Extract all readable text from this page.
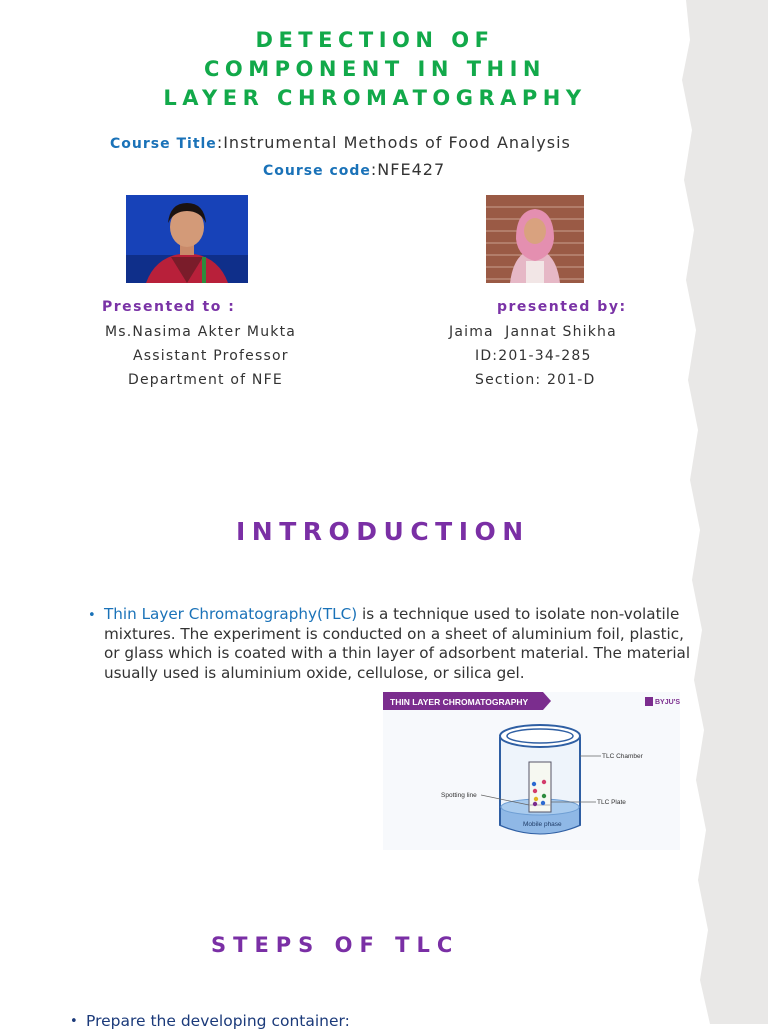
DETECTION OF
COMPONENT IN THIN
LAYER CHROMATOGRAPHY
Course Title:Instrumental Methods of Food Analysis
Course code:NFE427
Presented to :
Ms.Nasima Akter Mukta
Assistant Professor
Department of NFE
presented by:
Jaima  Jannat Shikha
ID:201-34-285
Section: 201-D
INTRODUCTION
• Thin Layer Chromatography(TLC) is a technique used to isolate non-volatile mixtures. The experiment is conducted on a sheet of aluminium foil, plastic, or glass which is coated with a thin layer of adsorbent material. The material usually used is aluminium oxide, cellulose, or silica gel.
THIN LAYER CHROMATOGRAPHY	BYJU'S
TLC Chamber
Spotting line
TLC Plate
Mobile phase
STEPS OF TLC
• Prepare the developing container:
